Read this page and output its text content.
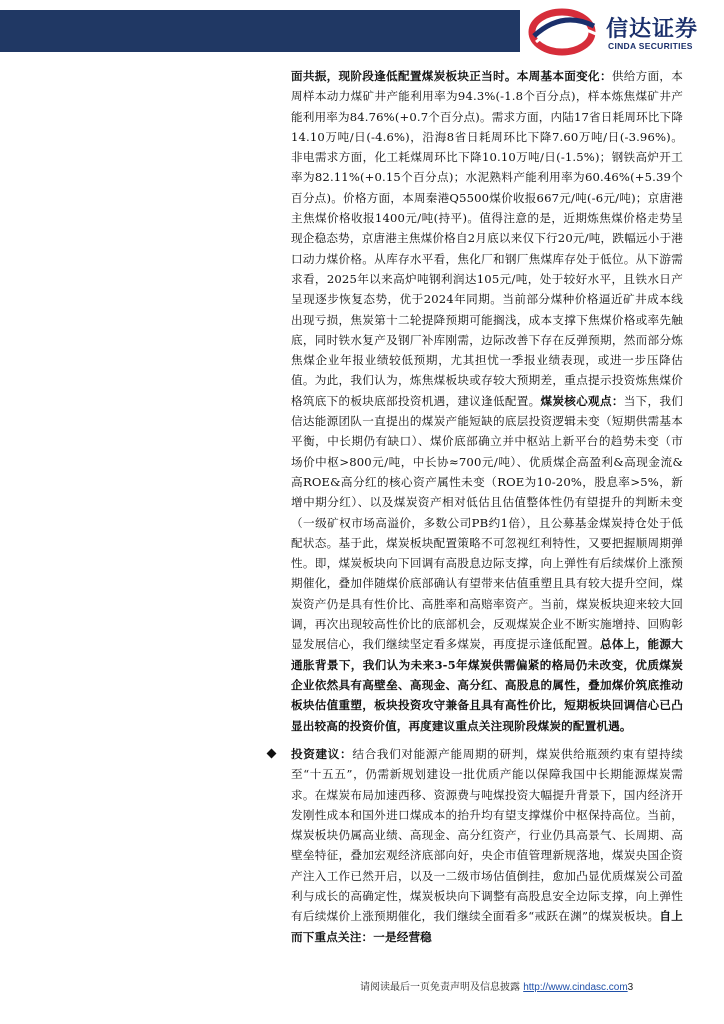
信达证券
CINDA SECURITIES
面共振，现阶段逢低配置煤炭板块正当时。本周基本面变化：供给方面，本周样本动力煤矿井产能利用率为94.3%(-1.8个百分点)，样本炼焦煤矿井产能利用率为84.76%(+0.7个百分点)。需求方面，内陆17省日耗周环比下降14.10万吨/日(-4.6%)，沿海8省日耗周环比下降7.60万吨/日(-3.96%)。非电需求方面，化工耗煤周环比下降10.10万吨/日(-1.5%)；钢铁高炉开工率为82.11%(+0.15个百分点)；水泥熟料产能利用率为60.46%(+5.39个百分点)。价格方面，本周秦港Q5500煤价收报667元/吨(-6元/吨)；京唐港主焦煤价格收报1400元/吨(持平)。值得注意的是，近期炼焦煤价格走势呈现企稳态势，京唐港主焦煤价格自2月底以来仅下行20元/吨，跌幅远小于港口动力煤价格。从库存水平看，焦化厂和钢厂焦煤库存处于低位。从下游需求看，2025年以来高炉吨钢利润达105元/吨，处于较好水平，且铁水日产呈现逐步恢复态势，优于2024年同期。当前部分煤种价格逼近矿井成本线出现亏损，焦炭第十二轮提降预期可能搁浅，成本支撑下焦煤价格或率先触底，同时铁水复产及钢厂补库刚需，边际改善下存在反弹预期，然而部分炼焦煤企业年报业绩较低预期，尤其担忧一季报业绩表现，或进一步压降估值。为此，我们认为，炼焦煤板块或存较大预期差，重点提示投资炼焦煤价格筑底下的板块底部投资机遇，建议逢低配置。煤炭核心观点：当下，我们信达能源团队一直提出的煤炭产能短缺的底层投资逻辑未变（短期供需基本平衡，中长期仍有缺口）、煤价底部确立并中枢站上新平台的趋势未变（市场价中枢>800元/吨，中长协≈700元/吨）、优质煤企高盈利&高现金流&高ROE&高分红的核心资产属性未变（ROE为10-20%，股息率>5%，新增中期分红）、以及煤炭资产相对低估且估值整体性仍有望提升的判断未变（一级矿权市场高溢价，多数公司PB约1倍），且公募基金煤炭持仓处于低配状态。基于此，煤炭板块配置策略不可忽视红利特性，又要把握顺周期弹性。即，煤炭板块向下回调有高股息边际支撑，向上弹性有后续煤价上涨预期催化，叠加伴随煤价底部确认有望带来估值重塑且具有较大提升空间，煤炭资产仍是具有性价比、高胜率和高赔率资产。当前，煤炭板块迎来较大回调，再次出现较高性价比的底部机会，反观煤炭企业不断实施增持、回购彰显发展信心，我们继续坚定看多煤炭，再度提示逢低配置。总体上，能源大通胀背景下，我们认为未来3-5年煤炭供需偏紧的格局仍未改变，优质煤炭企业依然具有高壁垒、高现金、高分红、高股息的属性，叠加煤价筑底推动板块估值重塑，板块投资攻守兼备且具有高性价比，短期板块回调信心已凸显出较高的投资价值，再度建议重点关注现阶段煤炭的配置机遇。
投资建议：结合我们对能源产能周期的研判，煤炭供给瓶颈约束有望持续至“十五五”，仍需新规划建设一批优质产能以保障我国中长期能源煤炭需求。在煤炭布局加速西移、资源费与吨煤投资大幅提升背景下，国内经济开发刚性成本和国外进口煤成本的抬升均有望支撑煤价中枢保持高位。当前，煤炭板块仍属高业绩、高现金、高分红资产，行业仍具高景气、长周期、高壁垒特征，叠加宏观经济底部向好，央企市值管理新规落地，煤炭央国企资产注入工作已然开启，以及一二级市场估值倒挂，愈加凸显优质煤炭公司盈利与成长的高确定性，煤炭板块向下调整有高股息安全边际支撑，向上弹性有后续煤价上涨预期催化，我们继续全面看多“戒跃在渊”的煤炭板块。自上而下重点关注：一是经营稳
请阅读最后一页免责声明及信息披露 http://www.cindasc.com3
